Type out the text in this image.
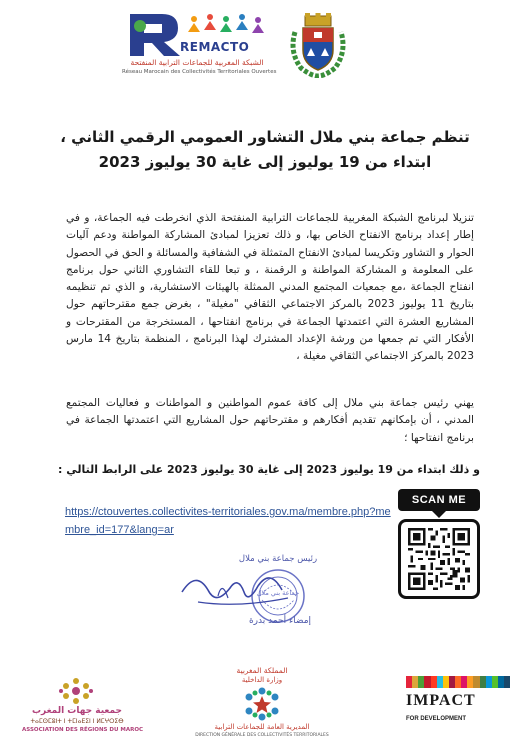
REMACTO
الشبكة المغربية للجماعات الترابية المنفتحة
Réseau Marocain des Collectivités Territoriales Ouvertes
تنظم جماعة بني ملال التشاور العمومي الرقمي الثاني ،
ابتداء من 19 يوليوز إلى غاية 30 يوليوز 2023

تنزيلا لبرنامج الشبكة المغربية للجماعات الترابية المنفتحة الذي انخرطت فيه الجماعة، و في إطار إعداد برنامج الانفتاح الخاص بها، و ذلك تعزيزا لمبادئ المشاركة المواطنة ودعم آليات الحوار و التشاور وتكريسا لمبادئ الانفتاح المتمثلة في الشفافية والمسائلة و الحق في الحصول على المعلومة و المشاركة المواطنة و الرقمنة ، و تبعا للقاء التشاوري الثاني حول برنامج انفتاح الجماعة ،مع جمعيات المجتمع المدني الممثلة بالهيئات الاستشارية، و الذي تم تنظيمه بتاريخ 11 يوليوز 2023 بالمركز الاجتماعي الثقافي "مغيلة" ، بغرض جمع مقترحاتهم حول المشاريع العشرة التي اعتمدتها الجماعة في برنامج انفتاحها ، المستخرجة من المقترحات و الأفكار التي تم جمعها من ورشة الإعداد المشترك لهذا البرنامج ، المنظمة بتاريخ 14 مارس 2023 بالمركز الاجتماعي الثقافي مغيلة ،

يهني رئيس جماعة بني ملال إلى كافة عموم المواطنين و المواطنات و فعاليات المجتمع المدني ، أن بإمكانهم تقديم أفكارهم و مقترحاتهم حول المشاريع التي اعتمدتها الجماعة في برنامج انفتاحها ؛

و ذلك ابتداء من 19 يوليوز 2023 إلى غاية 30 يوليوز 2023 على الرابط التالي :
https://ctouvertes.collectivites-territoriales.gov.ma/membre.php?membre_id=177&lang=ar
SCAN ME
جماعة بني ملال
رئيس جماعة بني ملال
إمضاء أحمد بدرة
جمعية جهات المغرب
ⵜⴰⵎⵙⵎⵓⵏⵜ ⵏ ⵜⵎⵏⴰⴹⵉⵏ ⵏ ⵍⵎⵖⵔⵉⴱ
ASSOCIATION DES RÉGIONS DU MAROC
المملكة المغربية
وزارة الداخلية
المديرية العامة للجماعات الترابية
DIRECTION GÉNÉRALE DES COLLECTIVITÉS TERRITORIALES
IMPACT
FOR DEVELOPMENT
